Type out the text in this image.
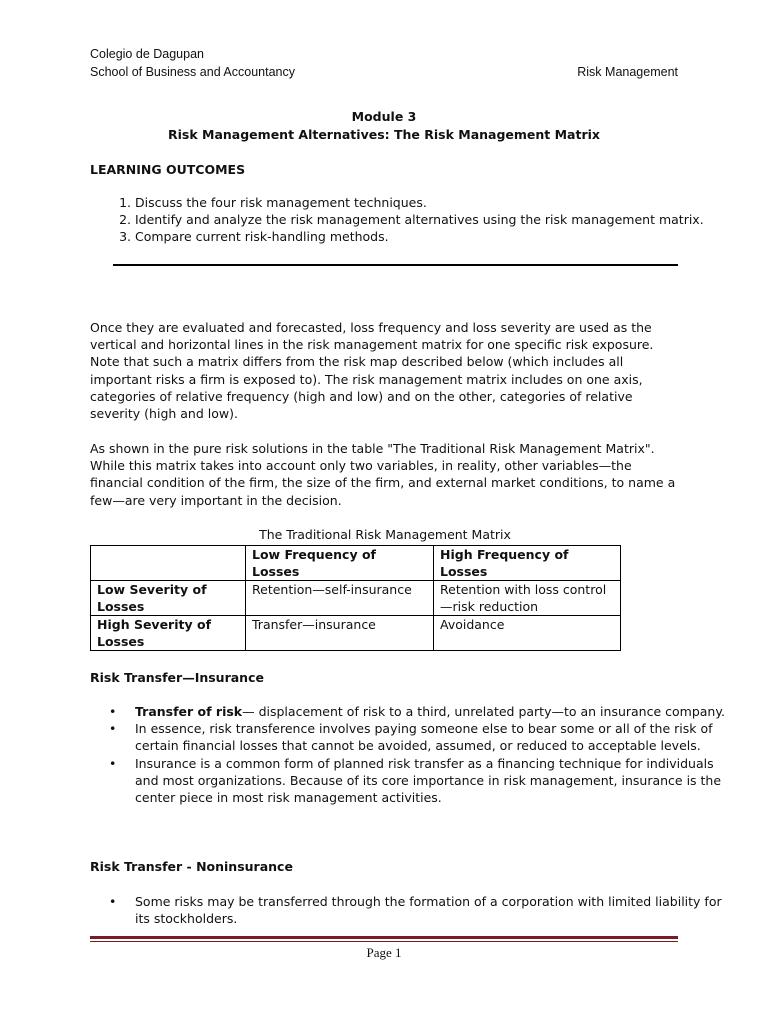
Colegio de Dagupan
School of Business and Accountancy	Risk Management
Module 3
Risk Management Alternatives: The Risk Management Matrix
LEARNING OUTCOMES
1. Discuss the four risk management techniques.
2. Identify and analyze the risk management alternatives using the risk management matrix.
3. Compare current risk-handling methods.

Once they are evaluated and forecasted, loss frequency and loss severity are used as the vertical and horizontal lines in the risk management matrix for one specific risk exposure. Note that such a matrix differs from the risk map described below (which includes all important risks a firm is exposed to). The risk management matrix includes on one axis, categories of relative frequency (high and low) and on the other, categories of relative severity (high and low).

As shown in the pure risk solutions in the table "The Traditional Risk Management Matrix". While this matrix takes into account only two variables, in reality, other variables—the financial condition of the firm, the size of the firm, and external market conditions, to name a few—are very important in the decision.

The Traditional Risk Management Matrix
	Low Frequency of Losses	High Frequency of Losses
Low Severity of Losses	Retention—self-insurance	Retention with loss control—risk reduction
High Severity of Losses	Transfer—insurance	Avoidance
Risk Transfer—Insurance
• Transfer of risk— displacement of risk to a third, unrelated party—to an insurance company.
• In essence, risk transference involves paying someone else to bear some or all of the risk of certain financial losses that cannot be avoided, assumed, or reduced to acceptable levels.
• Insurance is a common form of planned risk transfer as a financing technique for individuals and most organizations. Because of its core importance in risk management, insurance is the center piece in most risk management activities.
Risk Transfer - Noninsurance
• Some risks may be transferred through the formation of a corporation with limited liability for its stockholders.
Page 1
